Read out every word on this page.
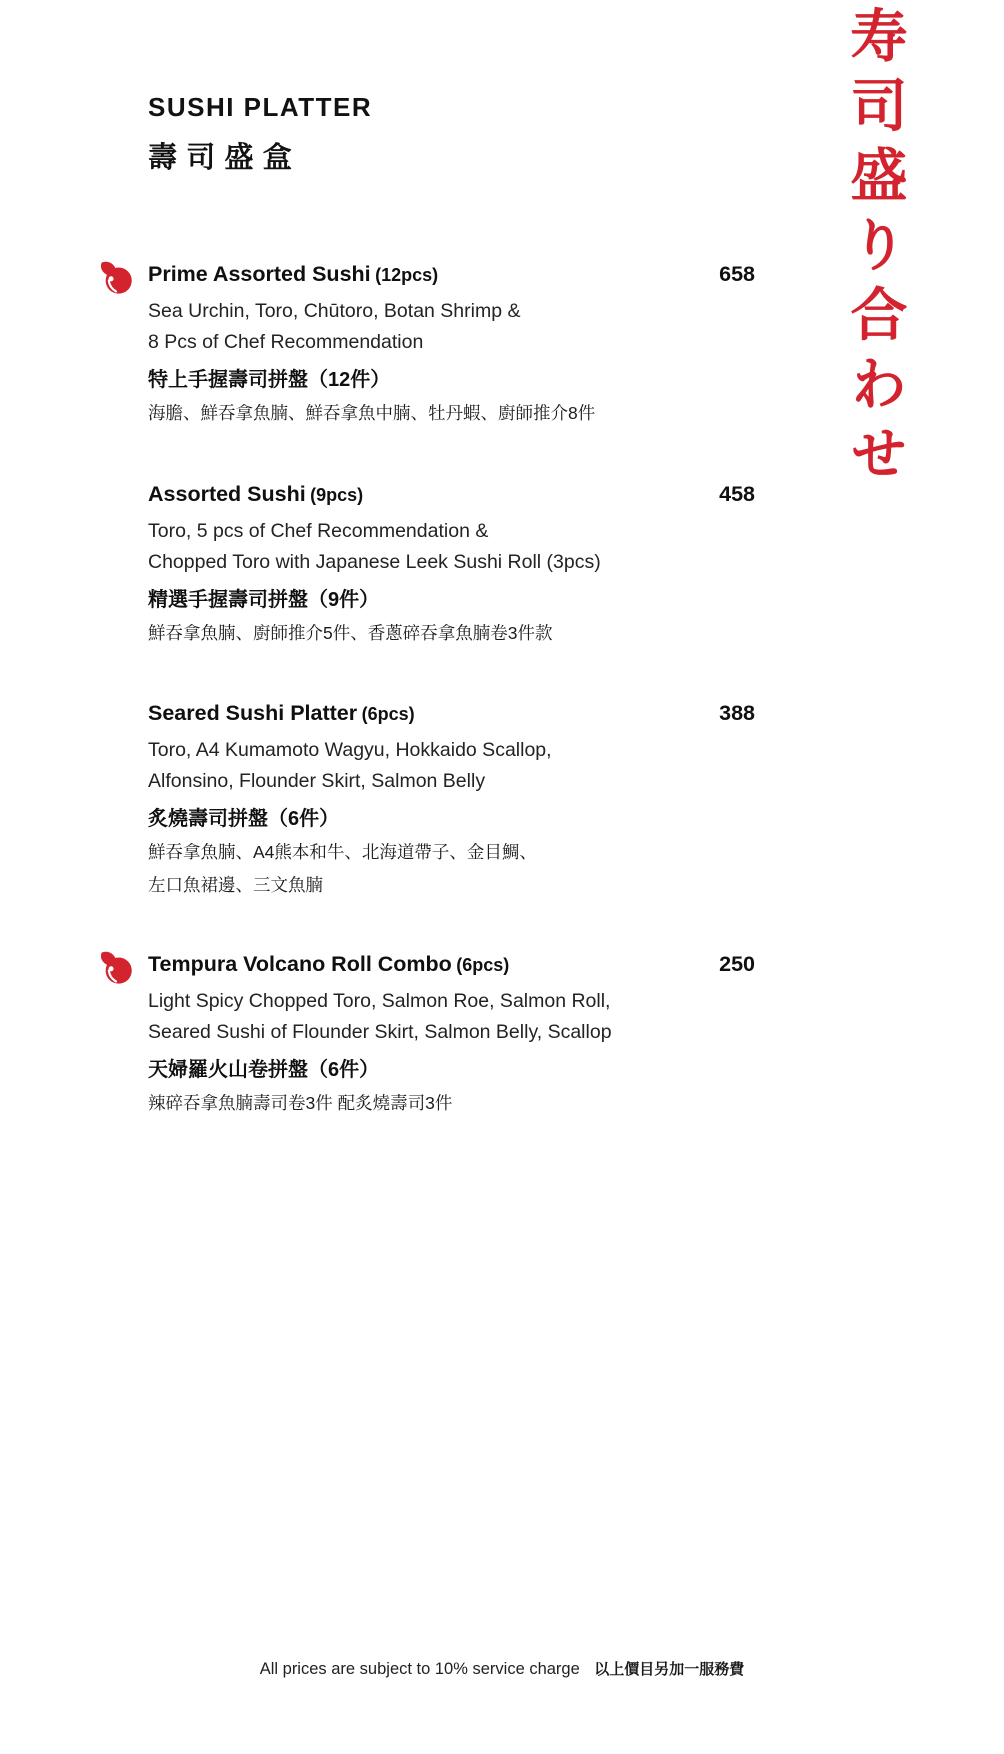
SUSHI PLATTER
壽司盛盒	寿司盛り合わせ
Prime Assorted Sushi (12pcs)	658
Sea Urchin, Toro, Chūtoro, Botan Shrimp &
8 Pcs of Chef Recommendation
特上手握壽司拼盤（12件）
海膽、鮮吞拿魚腩、鮮吞拿魚中腩、牡丹蝦、廚師推介8件
Assorted Sushi (9pcs)	458
Toro, 5 pcs of Chef Recommendation &
Chopped Toro with Japanese Leek Sushi Roll (3pcs)
精選手握壽司拼盤（9件）
鮮吞拿魚腩、廚師推介5件、香蔥碎吞拿魚腩卷3件款
Seared Sushi Platter (6pcs)	388
Toro, A4 Kumamoto Wagyu, Hokkaido Scallop,
Alfonsino, Flounder Skirt, Salmon Belly
炙燒壽司拼盤（6件）
鮮吞拿魚腩、A4熊本和牛、北海道帶子、金目鯛、
左口魚裙邊、三文魚腩
Tempura Volcano Roll Combo (6pcs)	250
Light Spicy Chopped Toro, Salmon Roe, Salmon Roll,
Seared Sushi of Flounder Skirt, Salmon Belly, Scallop
天婦羅火山卷拼盤（6件）
辣碎吞拿魚腩壽司卷3件 配炙燒壽司3件
All prices are subject to 10% service charge 以上價目另加一服務費
